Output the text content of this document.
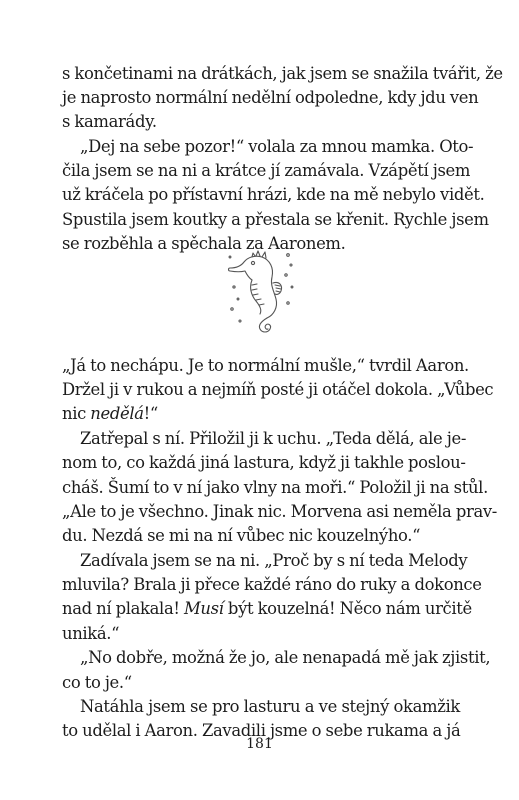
s končetinami na drátkách, jak jsem se snažila tvářit, že
je naprosto normální nedělní odpoledne, kdy jdu ven
s kamarády.
„Dej na sebe pozor!“ volala za mnou mamka. Oto-
čila jsem se na ni a krátce jí zamávala. Vzápětí jsem
už kráčela po přístavní hrázi, kde na mě nebylo vidět.
Spustila jsem koutky a přestala se křenit. Rychle jsem
se rozběhla a spěchala za Aaronem.
„Já to nechápu. Je to normální mušle,“ tvrdil Aaron.
Držel ji v rukou a nejmíň posté ji otáčel dokola. „Vůbec
nic nedělá!“
Zatřepal s ní. Přiložil ji k uchu. „Teda dělá, ale je-
nom to, co každá jiná lastura, když ji takhle poslou-
cháš. Šumí to v ní jako vlny na moři.“ Položil ji na stůl.
„Ale to je všechno. Jinak nic. Morvena asi neměla prav-
du. Nezdá se mi na ní vůbec nic kouzelnýho.“
Zadívala jsem se na ni. „Proč by s ní teda Melody
mluvila? Brala ji přece každé ráno do ruky a dokonce
nad ní plakala! Musí být kouzelná! Něco nám určitě
uniká.“
„No dobře, možná že jo, ale nenapadá mě jak zjistit,
co to je.“
Natáhla jsem se pro lasturu a ve stejný okamžik
to udělal i Aaron. Zavadili jsme o sebe rukama a já
181
